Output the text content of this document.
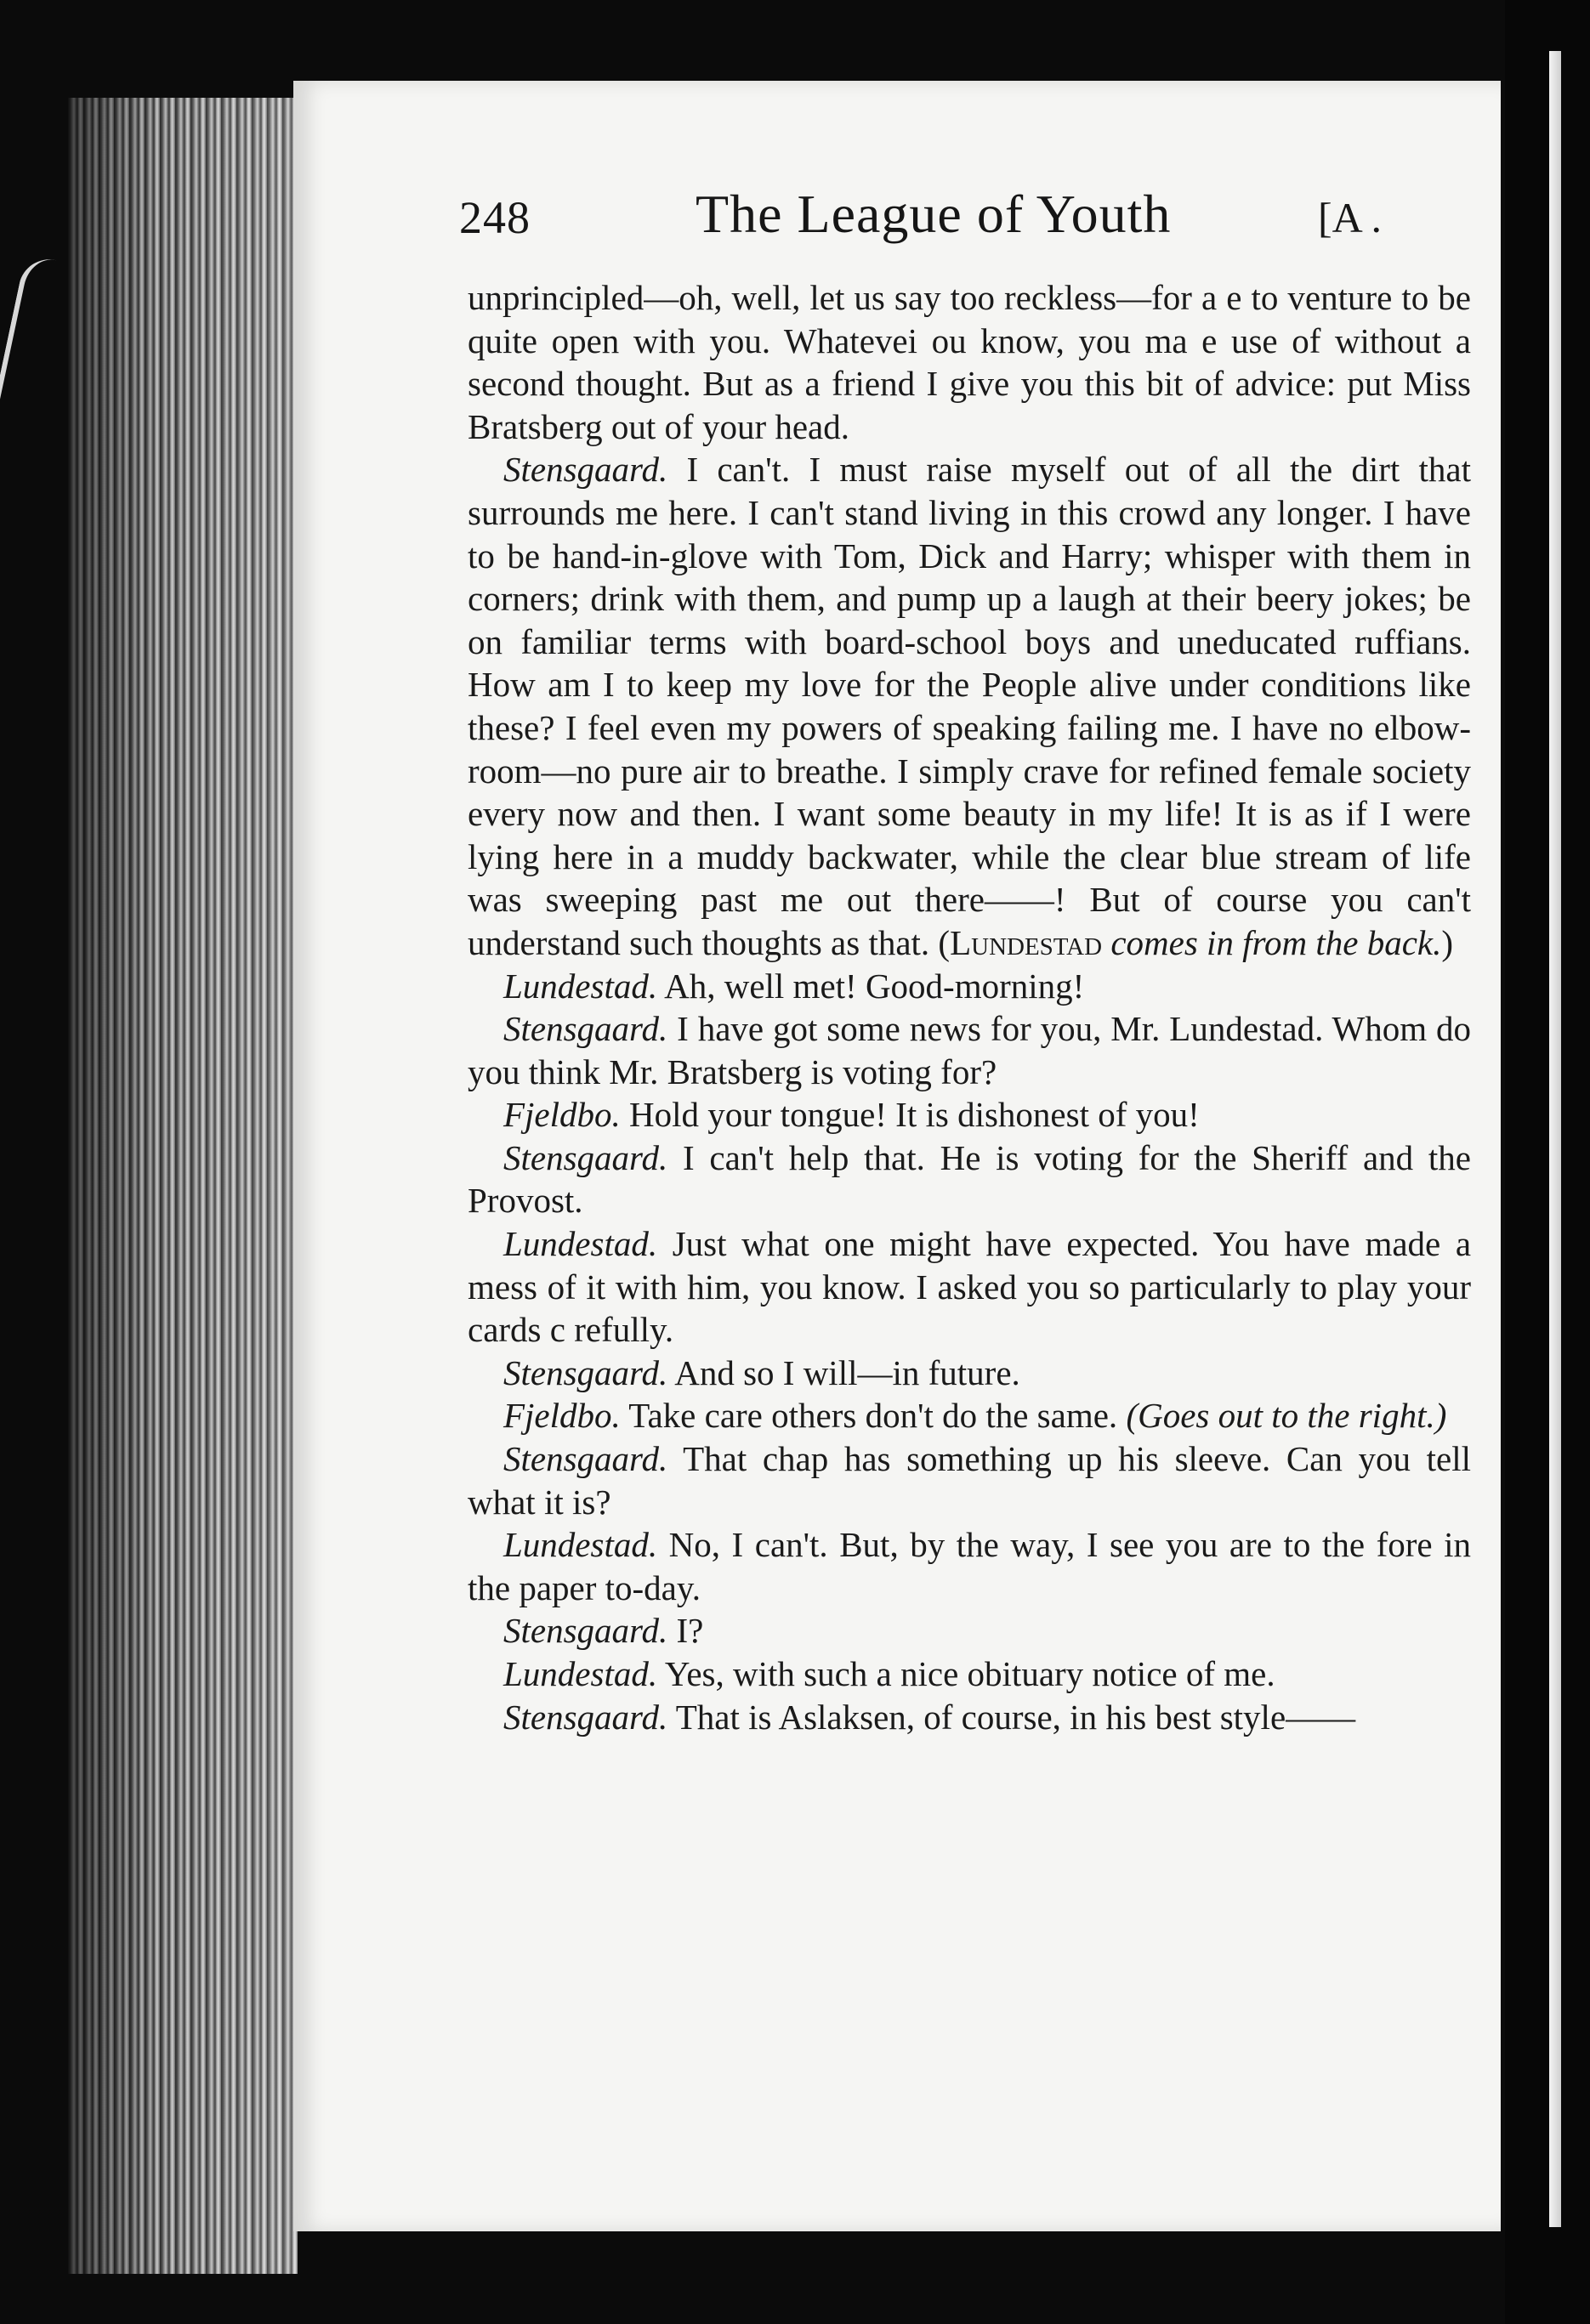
248	The League of Youth	[A .

unprincipled—oh, well, let us say too reckless—for a e to venture to be quite open with you. Whatevei ou know, you ma e use of without a second thought. But as a friend I give you this bit of advice: put Miss Bratsberg out of your head.

Stensgaard. I can't. I must raise myself out of all the dirt that surrounds me here. I can't stand living in this crowd any longer. I have to be hand-in-glove with Tom, Dick and Harry; whisper with them in corners; drink with them, and pump up a laugh at their beery jokes; be on familiar terms with board-school boys and uneducated ruffians. How am I to keep my love for the People alive under conditions like these? I feel even my powers of speaking failing me. I have no elbow-room—no pure air to breathe. I simply crave for refined female society every now and then. I want some beauty in my life! It is as if I were lying here in a muddy backwater, while the clear blue stream of life was sweeping past me out there——! But of course you can't understand such thoughts as that. (Lundestad comes in from the back.)

Lundestad. Ah, well met! Good-morning!

Stensgaard. I have got some news for you, Mr. Lundestad. Whom do you think Mr. Bratsberg is voting for?

Fjeldbo. Hold your tongue! It is dishonest of you!

Stensgaard. I can't help that. He is voting for the Sheriff and the Provost.

Lundestad. Just what one might have expected. You have made a mess of it with him, you know. I asked you so particularly to play your cards c refully.

Stensgaard. And so I will—in future.

Fjeldbo. Take care others don't do the same. (Goes out to the right.)

Stensgaard. That chap has something up his sleeve. Can you tell what it is?

Lundestad. No, I can't. But, by the way, I see you are to the fore in the paper to-day.

Stensgaard. I?

Lundestad. Yes, with such a nice obituary notice of me.

Stensgaard. That is Aslaksen, of course, in his best style——
